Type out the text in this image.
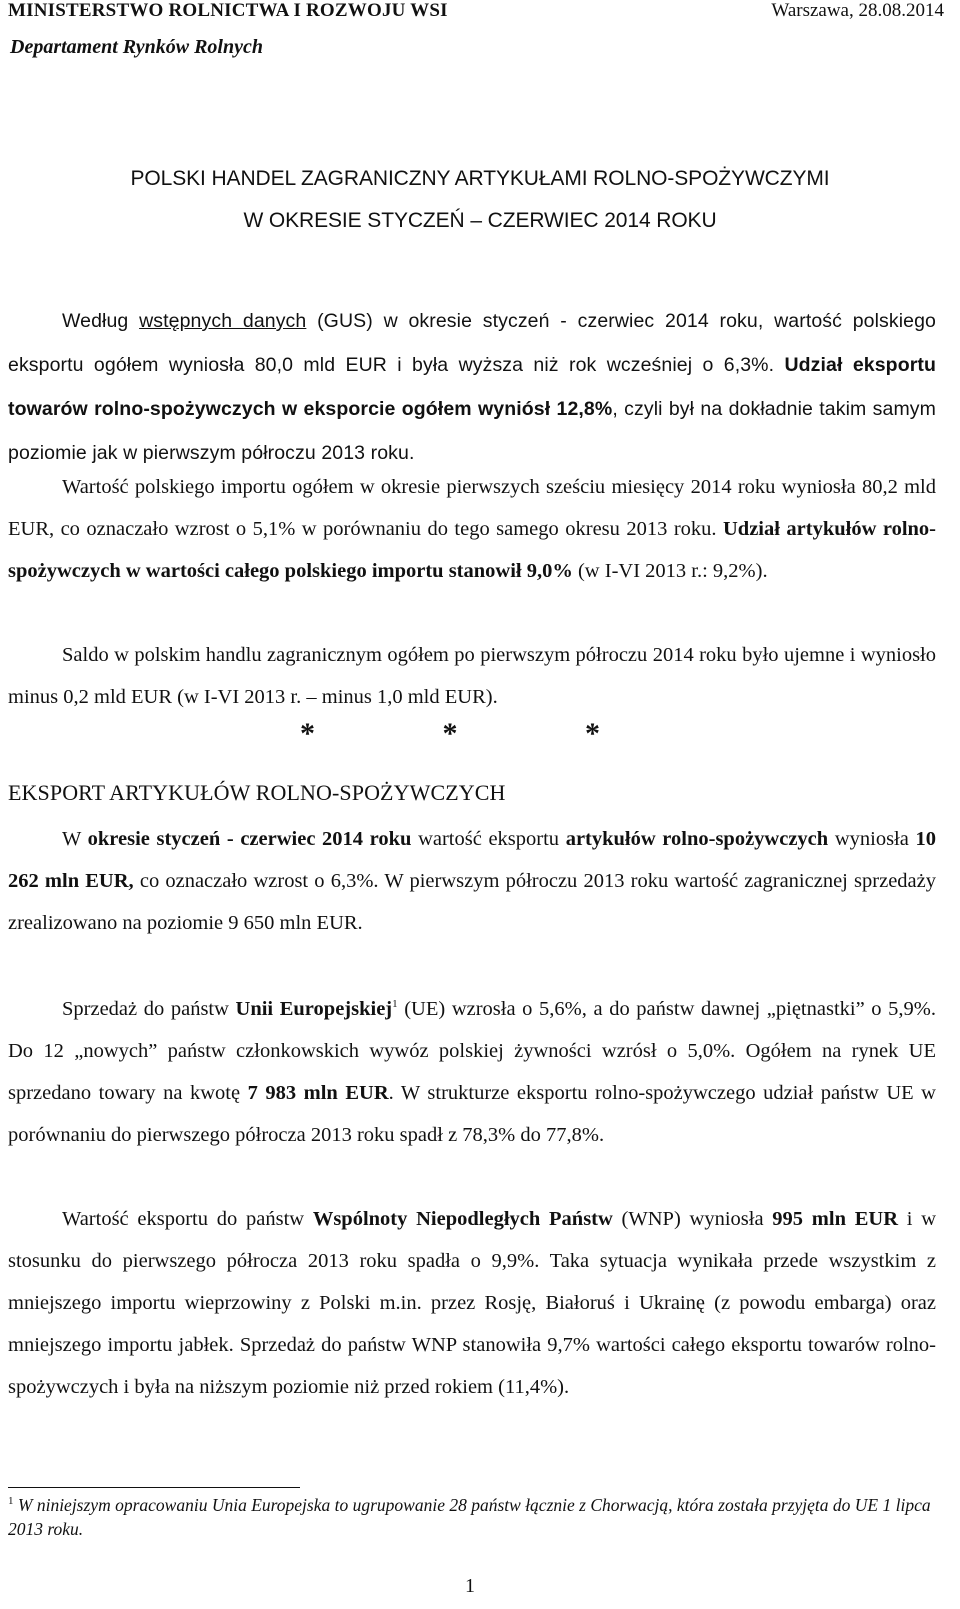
MINISTERSTWO ROLNICTWA I ROZWOJU WSI	Warszawa, 28.08.2014
Departament Rynków Rolnych
POLSKI HANDEL ZAGRANICZNY ARTYKUŁAMI ROLNO-SPOŻYWCZYMI
W OKRESIE STYCZEŃ – CZERWIEC 2014 ROKU
Według wstępnych danych (GUS) w okresie styczeń - czerwiec 2014 roku, wartość polskiego eksportu ogółem wyniosła 80,0 mld EUR i była wyższa niż rok wcześniej o 6,3%. Udział eksportu towarów rolno-spożywczych w eksporcie ogółem wyniósł 12,8%, czyli był na dokładnie takim samym poziomie jak w pierwszym półroczu 2013 roku.
Wartość polskiego importu ogółem w okresie pierwszych sześciu miesięcy 2014 roku wyniosła 80,2 mld EUR, co oznaczało wzrost o 5,1% w porównaniu do tego samego okresu 2013 roku. Udział artykułów rolno-spożywczych w wartości całego polskiego importu stanowił 9,0% (w I-VI 2013 r.: 9,2%).
Saldo w polskim handlu zagranicznym ogółem po pierwszym półroczu 2014 roku było ujemne i wyniosło minus 0,2 mld EUR (w I-VI 2013 r. – minus 1,0 mld EUR).
* * *
EKSPORT ARTYKUŁÓW ROLNO-SPOŻYWCZYCH
W okresie styczeń - czerwiec 2014 roku wartość eksportu artykułów rolno-spożywczych wyniosła 10 262 mln EUR, co oznaczało wzrost o 6,3%. W pierwszym półroczu 2013 roku wartość zagranicznej sprzedaży zrealizowano na poziomie 9 650 mln EUR.
Sprzedaż do państw Unii Europejskiej$^1$ (UE) wzrosła o 5,6%, a do państw dawnej „piętnastki” o 5,9%. Do 12 „nowych” państw członkowskich wywóz polskiej żywności wzrósł o 5,0%. Ogółem na rynek UE sprzedano towary na kwotę 7 983 mln EUR. W strukturze eksportu rolno-spożywczego udział państw UE w porównaniu do pierwszego półrocza 2013 roku spadł z 78,3% do 77,8%.
Wartość eksportu do państw Wspólnoty Niepodległych Państw (WNP) wyniosła 995 mln EUR i w stosunku do pierwszego półrocza 2013 roku spadła o 9,9%. Taka sytuacja wynikała przede wszystkim z mniejszego importu wieprzowiny z Polski m.in. przez Rosję, Białoruś i Ukrainę (z powodu embarga) oraz mniejszego importu jabłek. Sprzedaż do państw WNP stanowiła 9,7% wartości całego eksportu towarów rolno-spożywczych i była na niższym poziomie niż przed rokiem (11,4%).
$^1$ W niniejszym opracowaniu Unia Europejska to ugrupowanie 28 państw łącznie z Chorwacją, która została przyjęta do UE 1 lipca 2013 roku.
1
